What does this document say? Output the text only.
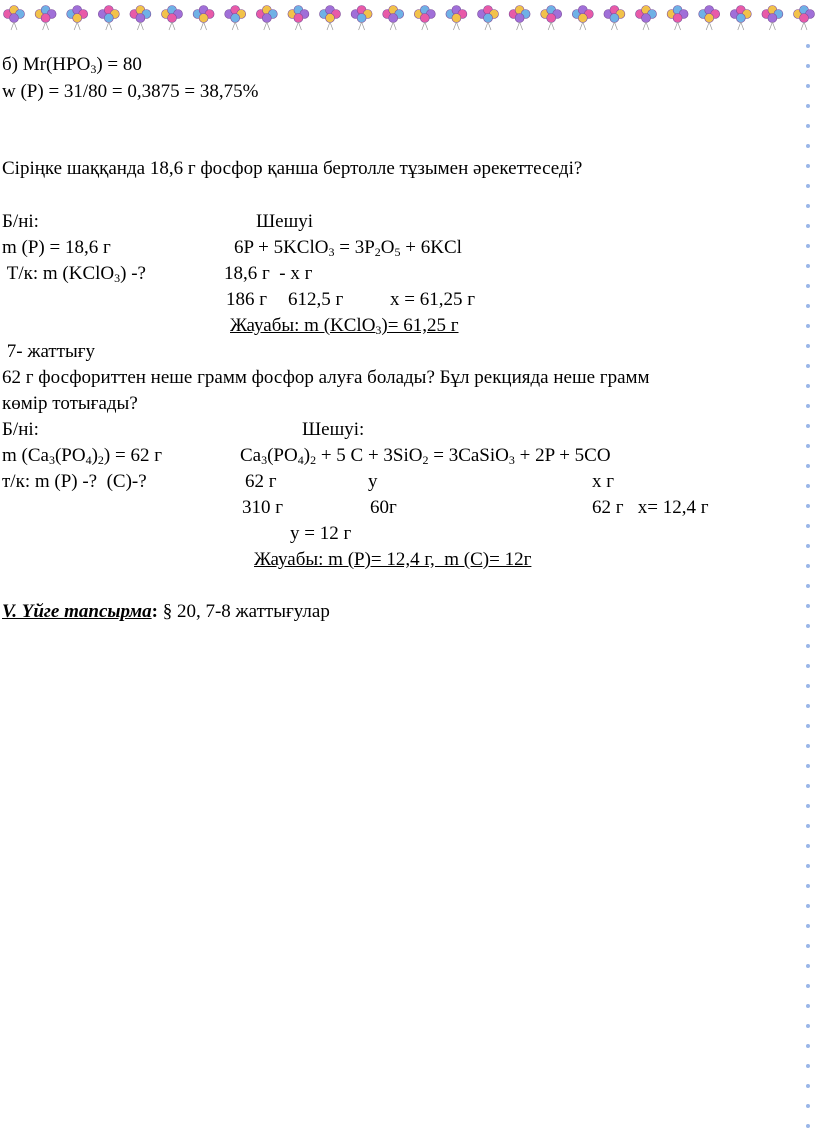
б) $Mr(HPO_3) = 80$
w (P) = 31/80 = 0,3875 = 38,75%
Сіріңке шаққанда 18,6 г фосфор қанша бертолле тұзымен әрекеттеседі?
Б/ні:	Шешуі
m (P) = 18,6 г	6P + 5KClO$_3$ = $3P_2O_5 + 6KCl$
Т/к: m (KClO$_3$) -?	18,6 г  - х г
186 г 612,5 г х = 61,25 г
Жауабы: m (KClO$_3$)= 61,25 г
7- жаттығу
62 г фосфориттен неше грамм фосфор алуға болады? Бұл рекцияда неше грамм
көмір тотығады?
Б/ні:	Шешуі:
m $(Ca_3(PO_4)_2) = 62$ г	$Ca_3(PO_4)_2 + 5$ C + 3SiO$_2$ = 3CaSiO$_3$ + 2P + 5CO
т/к: m (P) -?  (C)-?	62 г	у	х г
310 г	60г	62 г   х= 12,4 г
у = 12 г
Жауабы: m (P)= 12,4 г,  m (C)= 12г
V. Үйге тапсырма: § 20, 7-8 жаттығулар
